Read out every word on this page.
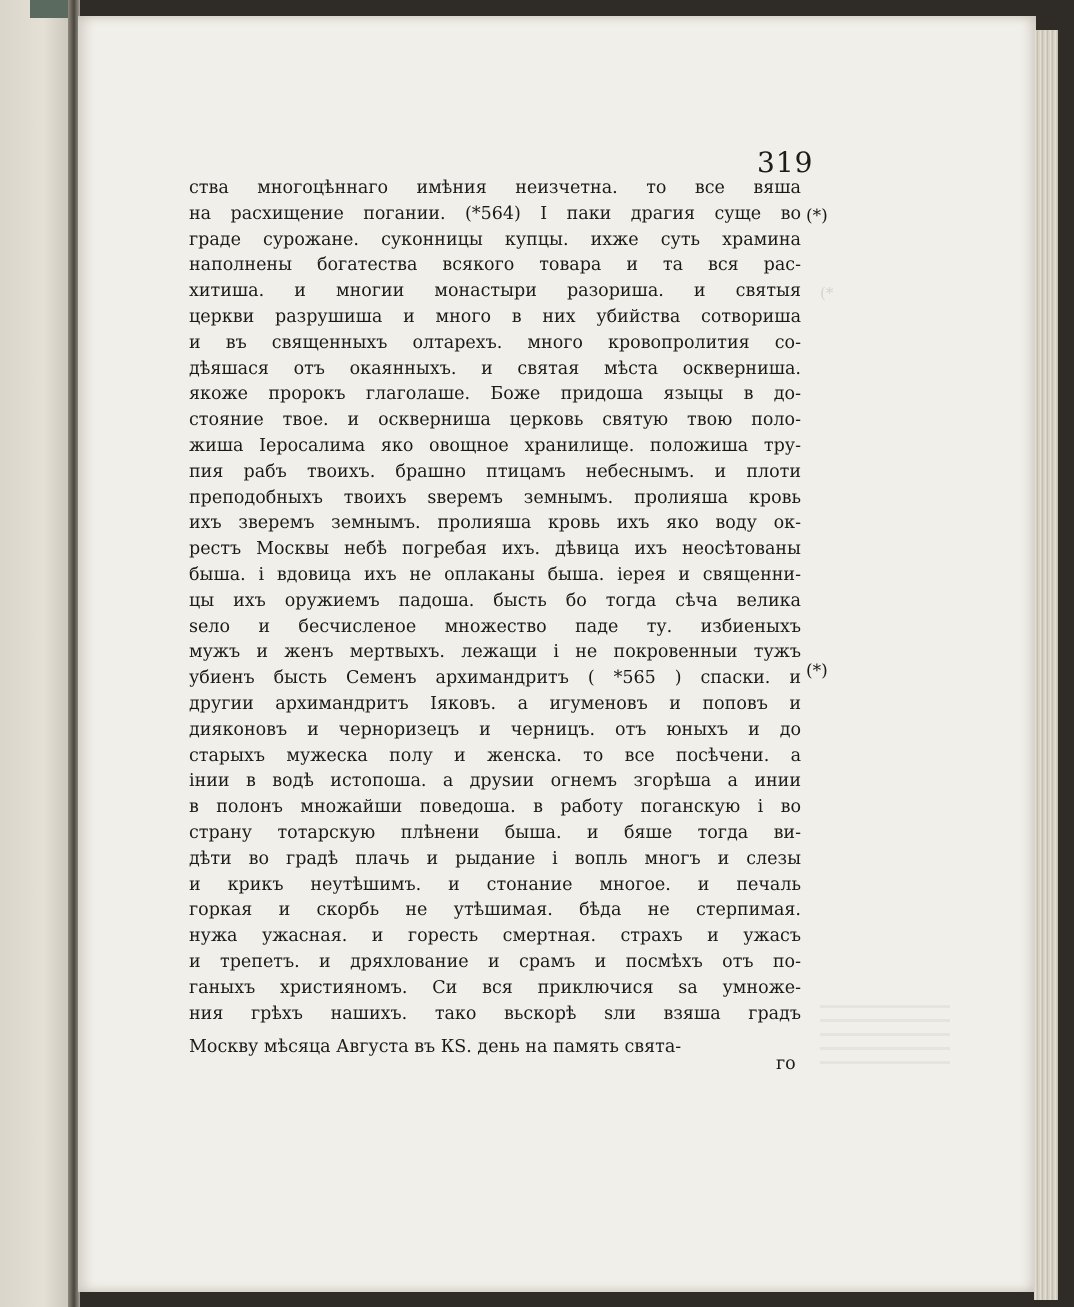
(*
319
ства многоцѣннаго имѣния неизчетна. то все вяша
на расхищение погании. (*564) I паки драгия суще во
граде сурожане. суконницы купцы. ихже суть храмина
наполнены богатества всякого товара и та вся рас-
хитиша. и многии монастыри разориша. и святыя
церкви разрушиша и много в них убийства сотвориша
и въ священныхъ олтарехъ. много кровопролития со-
дѣяшася отъ окаянныхъ. и святая мѣста осквернишa.
якоже пророкъ глаголаше. Боже придоша языцы в до-
стояние твое. и оскверниша церковь святую твою поло-
жиша Іеросалима яко овощное хранилище. положиша тру-
пия рабъ твоихъ. брашно птицамъ небеснымъ. и плоти
преподобныхъ твоихъ ѕверемъ земнымъ. пролияша кровь
ихъ зверемъ земнымъ. пролияша кровь ихъ яко воду ок-
рестъ Москвы небѣ погребая ихъ. дѣвица ихъ неосѣтованы
быша. і вдовица ихъ не оплаканы быша. іерея и священни-
цы ихъ оружиемъ падоша. бысть бо тогда сѣча велика
ѕело и бесчисленое множество паде ту. избиеныхъ
мужъ и женъ мертвыхъ. лежащи і не покровенныи тужъ
убиенъ бысть Семенъ архимандритъ ( *565 ) спаски. и
другии архимандритъ Іяковъ. а игуменовъ и поповъ и
дияконовъ и черноризецъ и черницъ. отъ юныхъ и до
старыхъ мужеска полу и женска. то все посѣчени. а
інии в водѣ истопоша. а друѕии огнемъ згорѣша а инии
в полонъ множайши поведоша. в работу поганскую і во
страну тотарскую плѣнени быша. и бяше тогда ви-
дѣти во градѣ плачь и рыдание і вопль многъ и слезы
и крикъ неутѣшимъ. и стонание многое. и печаль
горкая и скорбь не утѣшимая. бѣда не стерпимая.
нужа ужасная. и горесть смертная. страхъ и ужасъ
и трепетъ. и дряхлование и срамъ и посмѣхъ отъ по-
ганыхъ християномъ. Си вся приключися ѕа умноже-
ния грѣхъ нашихъ. тако вьскорѣ ѕли взяша градъ
Москву мѣсяца Августа въ КЅ. день на память свята-
го
(*)
(*)
